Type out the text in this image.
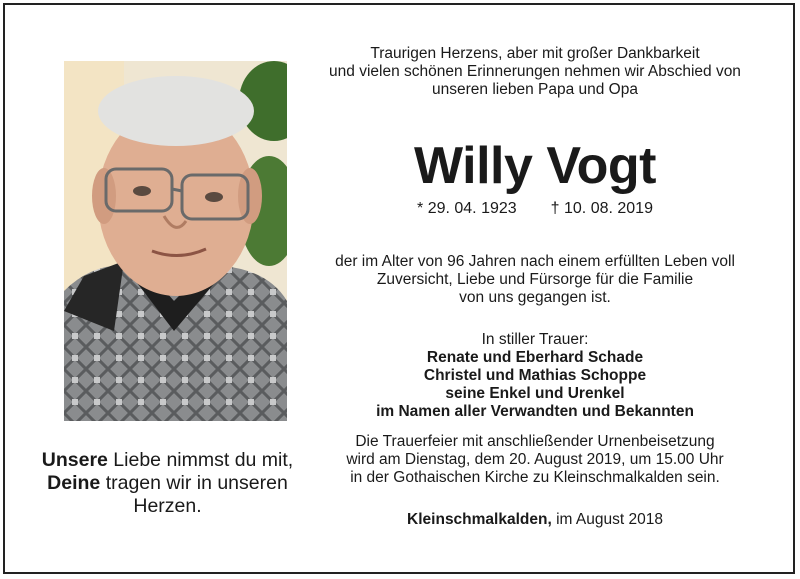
Unsere Liebe nimmst du mit,
Deine tragen wir in unseren
Herzen.
Traurigen Herzens, aber mit großer Dankbarkeit
und vielen schönen Erinnerungen nehmen wir Abschied von
unseren lieben Papa und Opa
Willy Vogt
* 29. 04. 1923 † 10. 08. 2019
der im Alter von 96 Jahren nach einem erfüllten Leben voll
Zuversicht, Liebe und Fürsorge für die Familie
von uns gegangen ist.
In stiller Trauer:
Renate und Eberhard Schade
Christel und Mathias Schoppe
seine Enkel und Urenkel
im Namen aller Verwandten und Bekannten
Die Trauerfeier mit anschließender Urnenbeisetzung
wird am Dienstag, dem 20. August 2019, um 15.00 Uhr
in der Gothaischen Kirche zu Kleinschmalkalden sein.
Kleinschmalkalden, im August 2018
